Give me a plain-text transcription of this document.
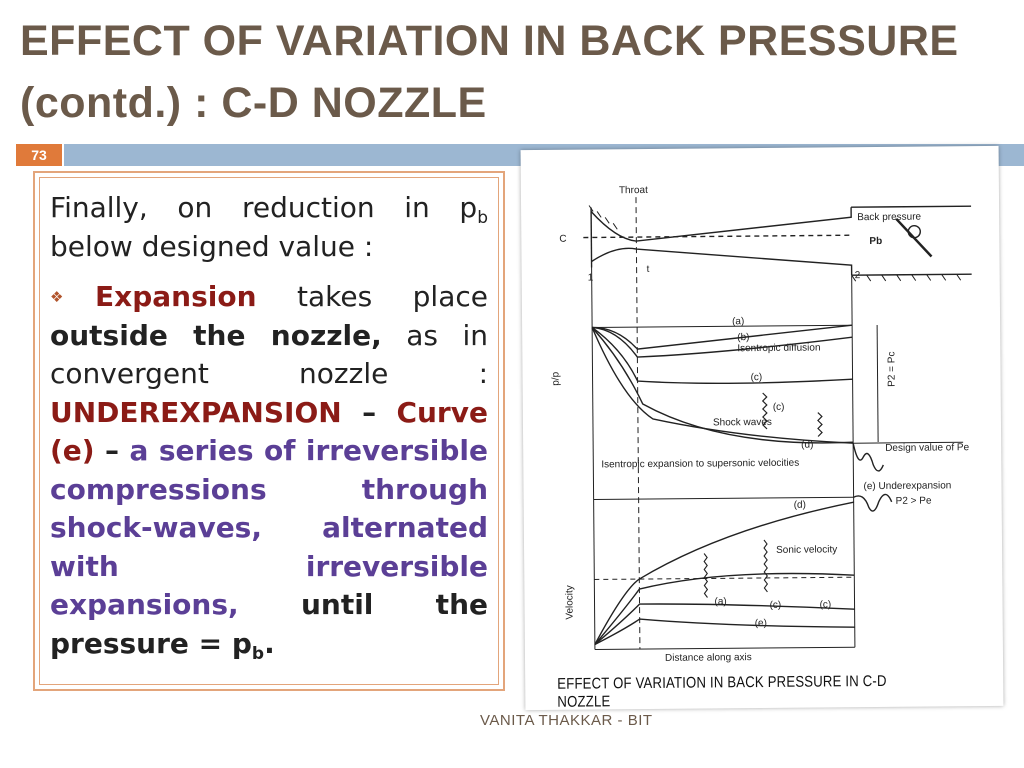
EFFECT OF VARIATION IN BACK PRESSURE
(contd.) : C-D NOZZLE
73
Finally, on reduction in $p_b$ below designed value :
❖Expansion takes place outside the nozzle, as in convergent nozzle : UNDEREXPANSION – Curve (e) – a series of irreversible compressions through shock-waves, alternated with irreversible expansions, until the pressure = $p_b$.
Throat
Back pressure
Pb
C
t
1	2
p/p
(a)
(b)
(c)
(c)
(d)
Isentropic diffusion
Shock waves
Isentropic expansion to supersonic velocities
Design value of Pe
(e) Underexpansion
P2 > Pe
P2 = Pc
(d)
Sonic velocity
(a)	(c)	(c)
(e)
Velocity
Distance along axis
EFFECT OF VARIATION IN BACK PRESSURE IN C-D NOZZLE
VANITA THAKKAR - BIT
